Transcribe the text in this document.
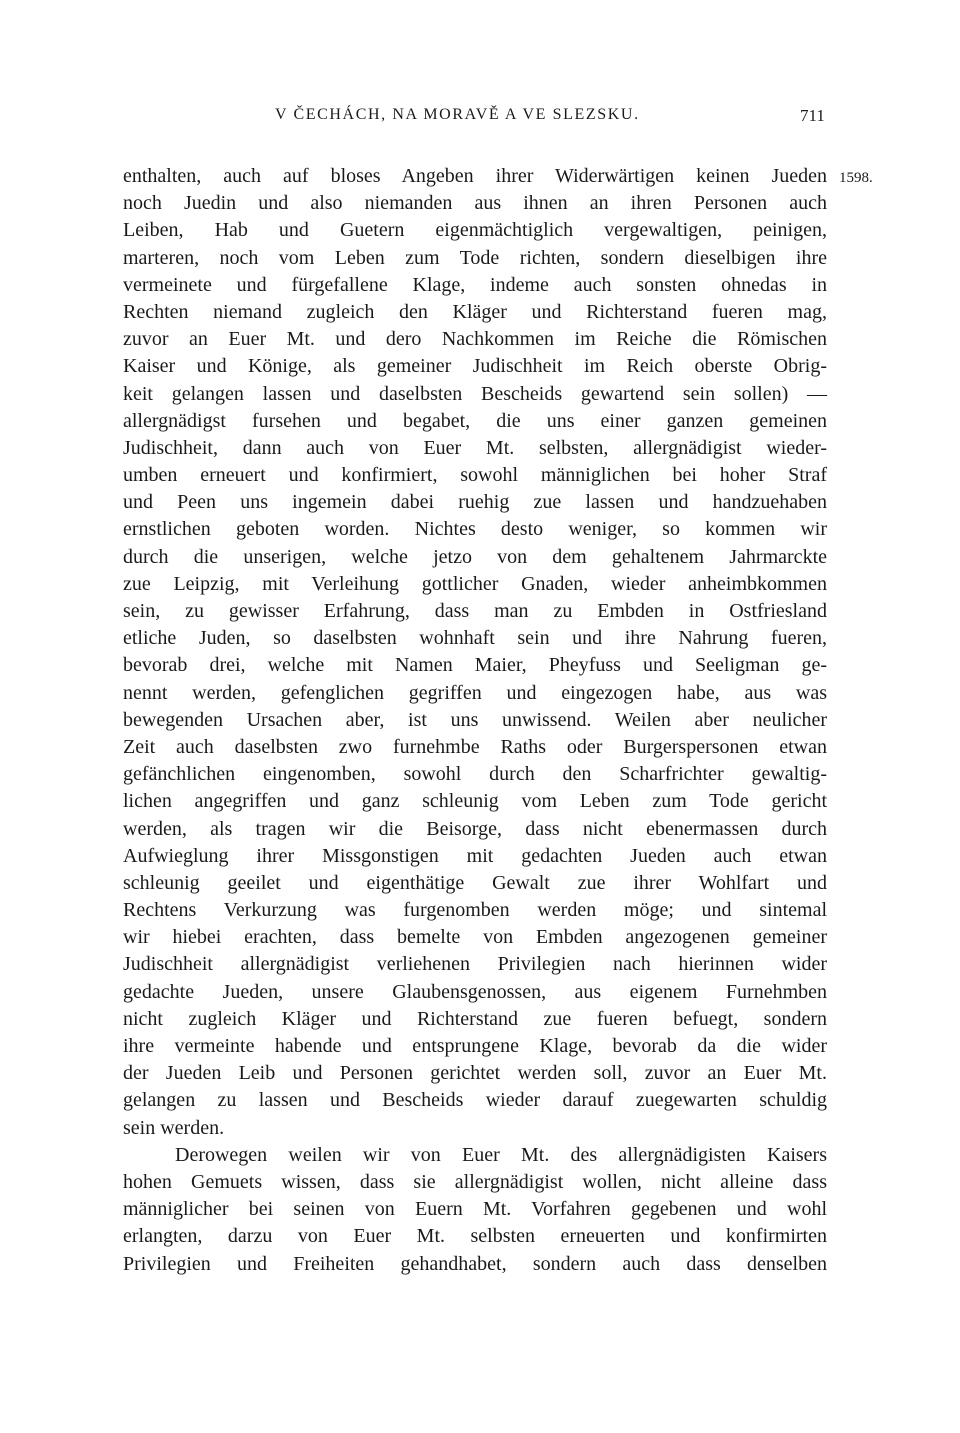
V ČECHÁCH, NA MORAVĚ A VE SLEZSKU.	711
1598.
enthalten, auch auf bloses Angeben ihrer Widerwärtigen keinen Jueden
noch Juedin und also niemanden aus ihnen an ihren Personen auch
Leiben, Hab und Guetern eigenmächtiglich vergewaltigen, peinigen,
marteren, noch vom Leben zum Tode richten, sondern dieselbigen ihre
vermeinete und fürgefallene Klage, indeme auch sonsten ohnedas in
Rechten niemand zugleich den Kläger und Richterstand fueren mag,
zuvor an Euer Mt. und dero Nachkommen im Reiche die Römischen
Kaiser und Könige, als gemeiner Judischheit im Reich oberste Obrig-
keit gelangen lassen und daselbsten Bescheids gewartend sein sollen) —
allergnädigst fursehen und begabet, die uns einer ganzen gemeinen
Judischheit, dann auch von Euer Mt. selbsten, allergnädigist wieder-
umben erneuert und konfirmiert, sowohl männiglichen bei hoher Straf
und Peen uns ingemein dabei ruehig zue lassen und handzuehaben
ernstlichen geboten worden. Nichtes desto weniger, so kommen wir
durch die unserigen, welche jetzo von dem gehaltenem Jahrmarckte
zue Leipzig, mit Verleihung gottlicher Gnaden, wieder anheimbkommen
sein, zu gewisser Erfahrung, dass man zu Embden in Ostfriesland
etliche Juden, so daselbsten wohnhaft sein und ihre Nahrung fueren,
bevorab drei, welche mit Namen Maier, Pheyfuss und Seeligman ge-
nennt werden, gefenglichen gegriffen und eingezogen habe, aus was
bewegenden Ursachen aber, ist uns unwissend. Weilen aber neulicher
Zeit auch daselbsten zwo furnehmbe Raths oder Burgerspersonen etwan
gefänchlichen eingenomben, sowohl durch den Scharfrichter gewaltig-
lichen angegriffen und ganz schleunig vom Leben zum Tode gericht
werden, als tragen wir die Beisorge, dass nicht ebenermassen durch
Aufwieglung ihrer Missgonstigen mit gedachten Jueden auch etwan
schleunig geeilet und eigenthätige Gewalt zue ihrer Wohlfart und
Rechtens Verkurzung was furgenomben werden möge; und sintemal
wir hiebei erachten, dass bemelte von Embden angezogenen gemeiner
Judischheit allergnädigist verliehenen Privilegien nach hierinnen wider
gedachte Jueden, unsere Glaubensgenossen, aus eigenem Furnehmben
nicht zugleich Kläger und Richterstand zue fueren befuegt, sondern
ihre vermeinte habende und entsprungene Klage, bevorab da die wider
der Jueden Leib und Personen gerichtet werden soll, zuvor an Euer Mt.
gelangen zu lassen und Bescheids wieder darauf zuegewarten schuldig
sein werden.
Derowegen weilen wir von Euer Mt. des allergnädigisten Kaisers
hohen Gemuets wissen, dass sie allergnädigist wollen, nicht alleine dass
männiglicher bei seinen von Euern Mt. Vorfahren gegebenen und wohl
erlangten, darzu von Euer Mt. selbsten erneuerten und konfirmirten
Privilegien und Freiheiten gehandhabet, sondern auch dass denselben
